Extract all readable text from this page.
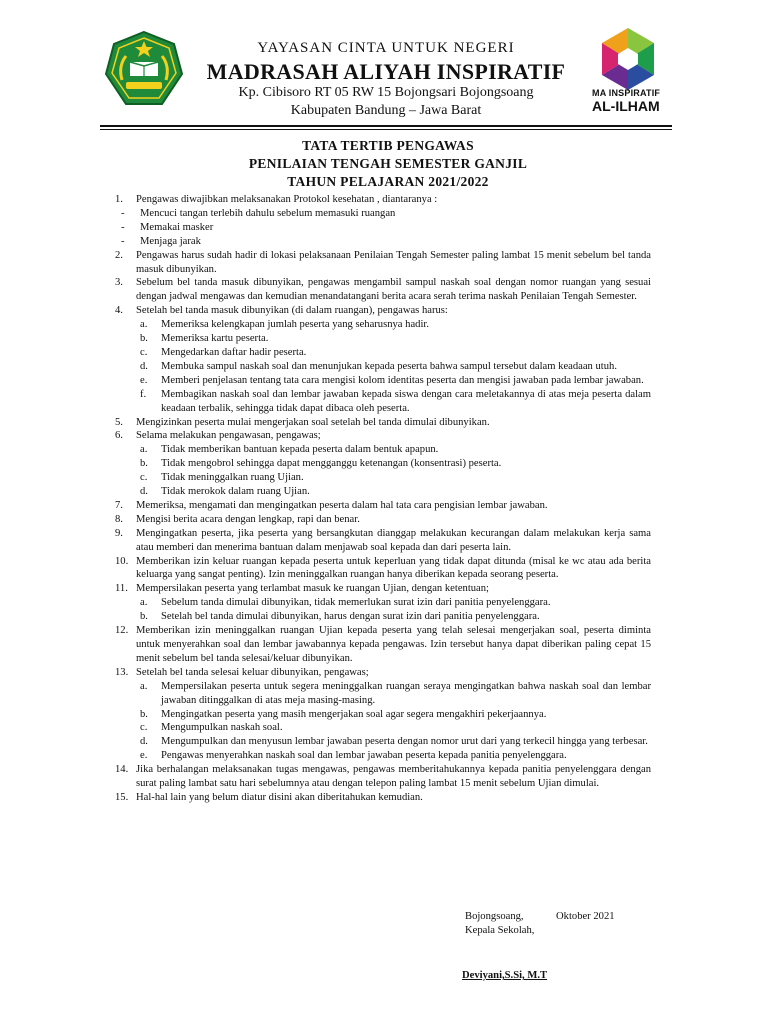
YAYASAN CINTA UNTUK NEGERI
MADRASAH ALIYAH INSPIRATIF
Kp. Cibisoro RT 05 RW 15 Bojongsari Bojongsoang
Kabupaten Bandung – Jawa Barat
MA INSPIRATIF
AL-ILHAM
TATA TERTIB PENGAWAS
PENILAIAN TENGAH SEMESTER GANJIL
TAHUN PELAJARAN 2021/2022
1. Pengawas diwajibkan melaksanakan Protokol kesehatan , diantaranya :
- Mencuci tangan terlebih dahulu sebelum memasuki ruangan
- Memakai masker
- Menjaga jarak
2. Pengawas harus sudah hadir di lokasi pelaksanaan Penilaian Tengah Semester paling lambat 15 menit sebelum bel tanda masuk dibunyikan.
3. Sebelum bel tanda masuk dibunyikan, pengawas mengambil sampul naskah soal dengan nomor ruangan yang sesuai dengan jadwal mengawas dan kemudian menandatangani berita acara serah terima naskah Penilaian Tengah Semester.
4. Setelah bel tanda masuk dibunyikan (di dalam ruangan), pengawas harus:
a. Memeriksa kelengkapan jumlah peserta yang seharusnya hadir.
b. Memeriksa kartu peserta.
c. Mengedarkan daftar hadir peserta.
d. Membuka sampul naskah soal dan menunjukan kepada peserta bahwa sampul tersebut dalam keadaan utuh.
e. Memberi penjelasan tentang tata cara mengisi kolom identitas peserta dan mengisi jawaban pada lembar jawaban.
f. Membagikan naskah soal dan lembar jawaban kepada siswa dengan cara meletakannya di atas meja peserta dalam keadaan terbalik, sehingga tidak dapat dibaca oleh peserta.
5. Mengizinkan peserta mulai mengerjakan soal setelah bel tanda dimulai dibunyikan.
6. Selama melakukan pengawasan, pengawas;
a. Tidak memberikan bantuan kepada peserta dalam bentuk apapun.
b. Tidak mengobrol sehingga dapat mengganggu ketenangan (konsentrasi) peserta.
c. Tidak meninggalkan ruang Ujian.
d. Tidak merokok dalam ruang Ujian.
7. Memeriksa, mengamati dan mengingatkan peserta dalam hal tata cara pengisian lembar jawaban.
8. Mengisi berita acara dengan lengkap, rapi dan benar.
9. Mengingatkan peserta, jika peserta yang bersangkutan dianggap melakukan kecurangan dalam melakukan kerja sama atau memberi dan menerima bantuan dalam menjawab soal kepada dan dari peserta lain.
10. Memberikan izin keluar ruangan kepada peserta untuk keperluan yang tidak dapat ditunda (misal ke wc atau ada berita keluarga yang sangat penting). Izin meninggalkan ruangan hanya diberikan kepada seorang peserta.
11. Mempersilakan peserta yang terlambat masuk ke ruangan Ujian, dengan ketentuan;
a. Sebelum tanda dimulai dibunyikan, tidak memerlukan surat izin dari panitia penyelenggara.
b. Setelah bel tanda dimulai dibunyikan, harus dengan surat izin dari panitia penyelenggara.
12. Memberikan izin meninggalkan ruangan Ujian kepada peserta yang telah selesai mengerjakan soal, peserta diminta untuk menyerahkan soal dan lembar jawabannya kepada pengawas. Izin tersebut hanya dapat diberikan paling cepat 15 menit sebelum bel tanda selesai/keluar dibunyikan.
13. Setelah bel tanda selesai keluar dibunyikan, pengawas;
a. Mempersilakan peserta untuk segera meninggalkan ruangan seraya mengingatkan bahwa naskah soal dan lembar jawaban ditinggalkan di atas meja masing-masing.
b. Mengingatkan peserta yang masih mengerjakan soal agar segera mengakhiri pekerjaannya.
c. Mengumpulkan naskah soal.
d. Mengumpulkan dan menyusun lembar jawaban peserta dengan nomor urut dari yang terkecil hingga yang terbesar.
e. Pengawas menyerahkan naskah soal dan lembar jawaban peserta kepada panitia penyelenggara.
14. Jika berhalangan melaksanakan tugas mengawas, pengawas memberitahukannya kepada panitia penyelenggara dengan surat paling lambat satu hari sebelumnya atau dengan telepon paling lambat 15 menit sebelum Ujian dimulai.
15. Hal-hal lain yang belum diatur disini akan diberitahukan kemudian.
Bojongsoang,	Oktober 2021
Kepala Sekolah,
Deviyani,S.Si, M.T
